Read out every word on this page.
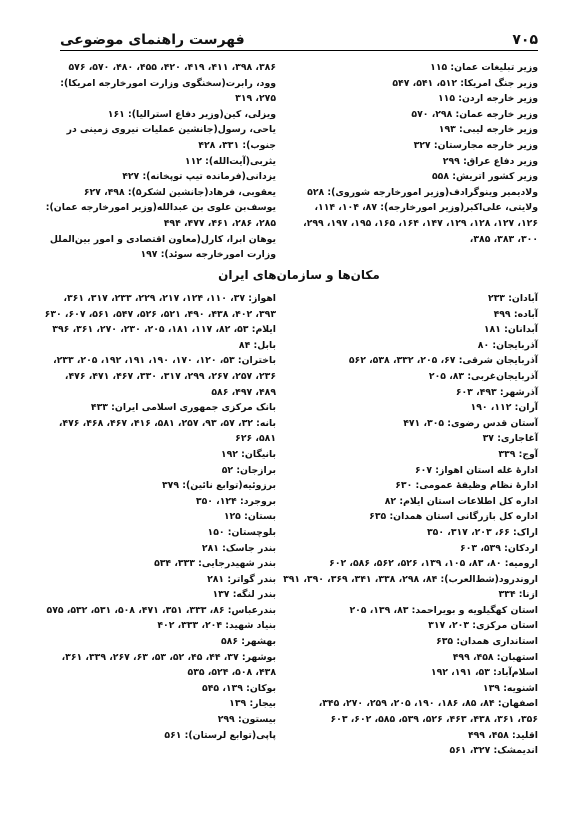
فهرست راهنمای موضوعی	۷۰۵
وزیر تبلیغات عمان: ۱۱۵
وزیر جنگ امریکا: ۵۱۲، ۵۴۱، ۵۴۷
وزیر خارجه اردن: ۱۱۵
وزیر خارجه عمان: ۲۹۸، ۵۷۰
وزیر خارجه لیبی: ۱۹۳
وزیر خارجه مجارستان: ۳۲۷
وزیر دفاع عراق: ۲۹۹
وزیر کشور اتریش: ۵۵۸
ولادیمیر وینوگرادف(وزیر امورخارجه شوروی): ۵۲۸
ولایتی، علی‌اکبر(وزیر امورخارجه): ۸۷، ۱۰۴، ۱۱۴، ۱۲۶، ۱۲۷، ۱۲۸، ۱۲۹، ۱۴۷، ۱۶۴، ۱۶۵، ۱۹۵، ۱۹۷، ۲۹۹، ۳۰۰، ۳۸۳، ۳۸۵،
۳۸۶، ۳۹۸، ۴۱۱، ۴۱۹، ۴۲۰، ۴۵۵، ۴۸۰، ۵۷۰، ۵۷۶
وود، رابرت(سخنگوی وزارت امورخارجه امریکا): ۲۷۵، ۳۱۹
ویزلی، کین(وزیر دفاع استرالیا): ۱۶۱
یاحی، رسول(جانشین عملیات نیروی زمینی در جنوب): ۳۳۱، ۴۲۸
یثربی(آیت‌الله): ۱۱۲
یزدانی(فرمانده تیپ توپخانه): ۴۲۷
یعقوبی، فرهاد(جانشین لشکر۵): ۴۹۸، ۶۲۷
یوسف‌بن علوی بن عبدالله(وزیر امورخارجه عمان): ۲۸۵، ۲۸۶، ۴۶۱، ۴۷۷، ۴۹۴
یوهان ابرا، کارل(معاون اقتصادی و امور بین‌الملل وزارت امورخارجه سوئد): ۱۹۷
مکان‌ها و سازمان‌های ایران
آبادان: ۲۳۳
آباده: ۴۹۹
آبدانان: ۱۸۱
آذربایجان: ۸۰
آذربایجان شرقی: ۶۷، ۲۰۵، ۳۳۲، ۵۳۸، ۵۶۲
آذربایجان‌غربی: ۸۳، ۲۰۵
آذرشهر: ۴۹۳، ۶۰۳
آران: ۱۱۲، ۱۹۰
آستان قدس رضوی: ۳۰۵، ۴۷۱
آغاجاری: ۳۷
آوج: ۳۳۹
ادارهٔ غله استان اهواز: ۶۰۷
ادارهٔ نظام وظیفهٔ عمومی: ۶۳۰
اداره کل اطلاعات استان ایلام: ۸۲
اداره کل بازرگانی استان همدان: ۶۳۵
اراک: ۶۶، ۲۰۳، ۳۱۷، ۳۵۰
اردکان: ۵۳۹، ۶۰۳
ارومیه: ۸۰، ۸۳، ۱۰۵، ۱۳۹، ۵۲۶، ۵۶۲، ۵۸۶، ۶۰۲
اروندرود(شط‌العرب): ۸۴، ۲۹۸، ۳۳۸، ۳۴۱، ۳۶۹، ۳۹۰، ۳۹۱
ازنا: ۳۳۴
استان کهگیلویه و بویراحمد: ۸۳، ۱۳۹، ۲۰۵
استان مرکزی: ۲۰۳، ۳۱۷
استانداری همدان: ۶۳۵
استهبان: ۴۵۸، ۴۹۹
اسلام‌آباد: ۵۳، ۱۹۱، ۱۹۲
اشنویه: ۱۳۹
اصفهان: ۸۴، ۸۵، ۱۸۶، ۱۹۰، ۲۰۵، ۲۵۹، ۲۷۰، ۳۴۵، ۳۵۶، ۳۶۱، ۴۳۸، ۴۶۳، ۵۲۶، ۵۳۹، ۵۸۵، ۶۰۲، ۶۰۳
اقلید: ۴۵۸، ۴۹۹
اندیمشک: ۳۲۷، ۵۶۱
اهواز: ۳۷، ۱۱۰، ۱۲۴، ۲۱۷، ۲۲۹، ۲۳۳، ۳۱۷، ۳۶۱، ۳۹۳، ۴۰۲، ۴۳۸، ۴۹۰، ۵۲۱، ۵۲۶، ۵۴۷، ۵۶۱، ۶۰۷، ۶۳۰
ایلام: ۵۳، ۸۲، ۱۱۷، ۱۸۱، ۲۰۵، ۲۳۰، ۲۷۰، ۳۶۱، ۳۹۶
بابل: ۸۴
باختران: ۵۳، ۱۲۰، ۱۷۰، ۱۹۰، ۱۹۱، ۱۹۲، ۲۰۵، ۲۳۳، ۲۳۶، ۲۵۷، ۲۶۷، ۲۹۹، ۳۱۷، ۳۳۰، ۴۶۷، ۴۷۱، ۴۷۶، ۴۸۹، ۴۹۷، ۵۸۶
بانک مرکزی جمهوری اسلامی ایران: ۴۳۳
بانه: ۳۲، ۵۷، ۹۳، ۲۵۷، ۵۸۱، ۴۱۶، ۴۶۷، ۴۶۸، ۴۷۶، ۵۸۱، ۶۲۶
بانیگان: ۱۹۲
برازجان: ۵۲
برزوئیه(توابع نائین): ۳۷۹
بروجرد: ۱۲۴، ۳۵۰
بستان: ۱۲۵
بلوچستان: ۱۵۰
بندر جاسک: ۲۸۱
بندر شهیدرجایی: ۳۳۳، ۵۳۴
بندر گواتر: ۲۸۱
بندر لنگه: ۱۳۷
بندرعباس: ۸۶، ۳۳۳، ۳۵۱، ۴۷۱، ۵۰۸، ۵۳۱، ۵۳۲، ۵۷۵
بنیاد شهید: ۲۰۴، ۳۳۳، ۴۰۲
بهشهر: ۵۸۶
بوشهر: ۳۷، ۴۴، ۴۵، ۵۲، ۵۳، ۶۳، ۲۶۷، ۳۳۹، ۳۶۱، ۴۳۸، ۵۰۸، ۵۲۴، ۵۳۵
بوکان: ۱۳۹، ۵۴۵
بیجار: ۱۳۹
بیستون: ۲۹۹
پاپی(توابع لرستان): ۵۶۱
